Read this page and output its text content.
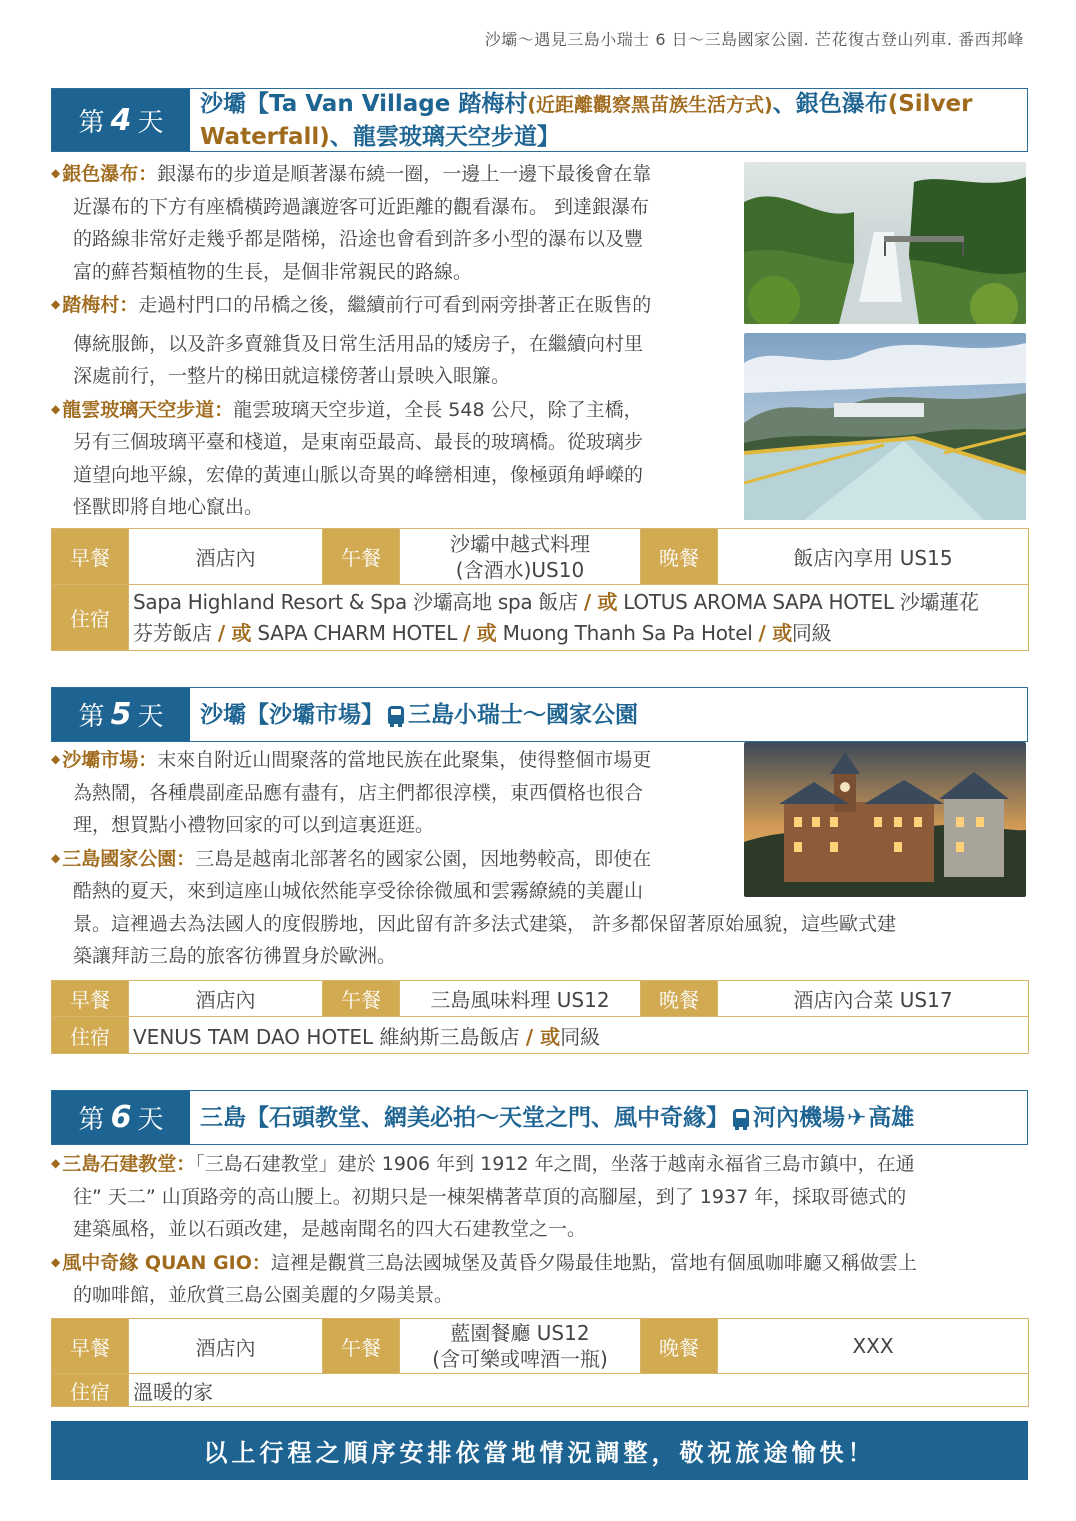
沙壩～遇見三島小瑞士 6 日～三島國家公園. 芒花復古登山列車. 番西邦峰
第 4 天
沙壩【Ta Van Village 踏梅村(近距離觀察黑苗族生活方式)、銀色瀑布(Silver
Waterfall)、龍雲玻璃天空步道】
◆ 銀色瀑布：銀瀑布的步道是順著瀑布繞一圈，一邊上一邊下最後會在靠
近瀑布的下方有座橋橫跨過讓遊客可近距離的觀看瀑布。 到達銀瀑布
的路線非常好走幾乎都是階梯，沿途也會看到許多小型的瀑布以及豐
富的蘚苔類植物的生長，是個非常親民的路線。
◆ 踏梅村：走過村門口的吊橋之後，繼續前行可看到兩旁掛著正在販售的
傳統服飾，以及許多賣雜貨及日常生活用品的矮房子，在繼續向村里
深處前行，一整片的梯田就這樣傍著山景映入眼簾。
◆ 龍雲玻璃天空步道：龍雲玻璃天空步道，全長 548 公尺，除了主橋，
另有三個玻璃平臺和棧道，是東南亞最高、最長的玻璃橋。從玻璃步
道望向地平線，宏偉的黃連山脈以奇異的峰巒相連，像極頭角崢嶸的
怪獸即將自地心竄出。
早餐	酒店內	午餐	沙壩中越式料理
(含酒水)US10	晚餐	飯店內享用 US15
住宿	Sapa Highland Resort & Spa 沙壩高地 spa 飯店 / 或 LOTUS AROMA SAPA HOTEL 沙壩蓮花
芬芳飯店 / 或 SAPA CHARM HOTEL / 或 Muong Thanh Sa Pa Hotel / 或同級				
第 5 天 沙壩【沙壩市場】 三島小瑞士～國家公園
◆ 沙壩市場：末來自附近山間聚落的當地民族在此聚集，使得整個市場更
為熱鬧，各種農副產品應有盡有，店主們都很淳樸，東西價格也很合
理，想買點小禮物回家的可以到這裏逛逛。
◆ 三島國家公園：三島是越南北部著名的國家公園，因地勢較高，即使在
酷熱的夏天，來到這座山城依然能享受徐徐微風和雲霧繚繞的美麗山
景。這裡過去為法國人的度假勝地，因此留有許多法式建築， 許多都保留著原始風貌，這些歐式建
築讓拜訪三島的旅客彷彿置身於歐洲。
早餐	酒店內	午餐	三島風味料理 US12	晚餐	酒店內合菜 US17
住宿	VENUS TAM DAO HOTEL 維納斯三島飯店 / 或同級				
第 6 天 三島【石頭教堂、網美必拍～天堂之門、風中奇緣】 河內機場 ✈ 高雄
◆ 三島石建教堂：「三島石建教堂」建於 1906 年到 1912 年之間，坐落于越南永福省三島市鎮中，在通
往” 天二” 山頂路旁的高山腰上。初期只是一棟架構著草頂的高腳屋，到了 1937 年，採取哥德式的
建築風格，並以石頭改建，是越南聞名的四大石建教堂之一。
◆ 風中奇緣 QUAN GIO：這裡是觀賞三島法國城堡及黃昏夕陽最佳地點，當地有個風咖啡廳又稱做雲上
的咖啡館，並欣賞三島公園美麗的夕陽美景。
早餐	酒店內	午餐	藍園餐廳 US12
(含可樂或啤酒一瓶)	晚餐	XXX
住宿	溫暖的家				
以上行程之順序安排依當地情況調整，敬祝旅途愉快！
